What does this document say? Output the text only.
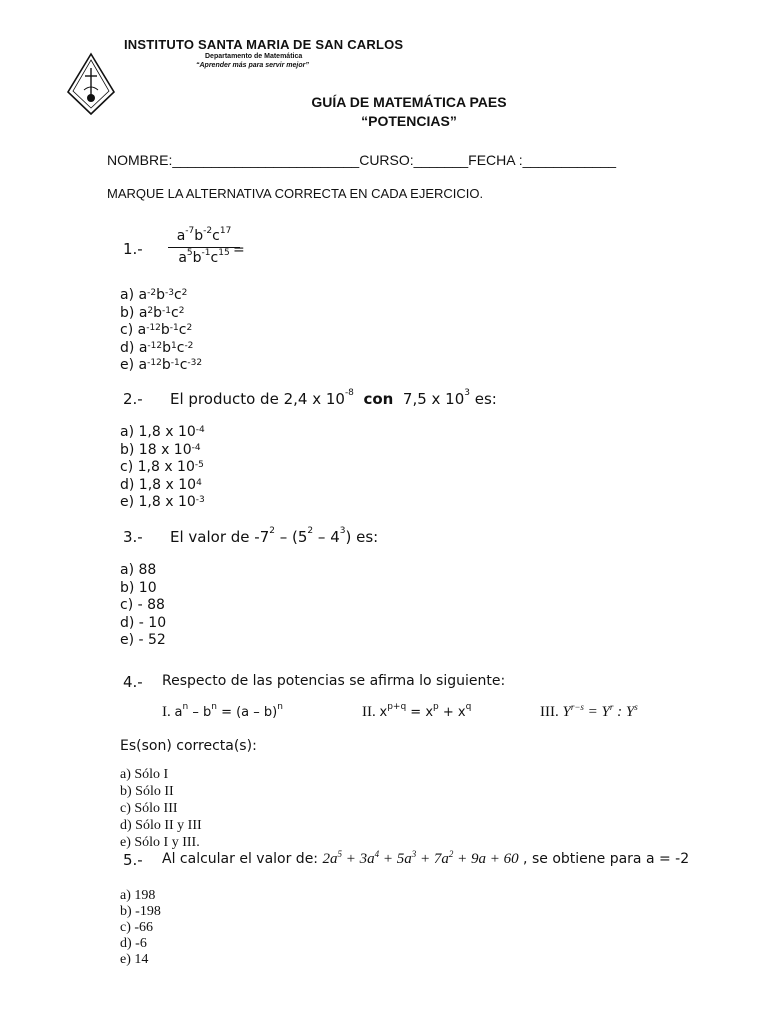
INSTITUTO SANTA MARIA DE SAN CARLOS
Departamento de Matemática
“Aprender más para servir mejor”
GUÍA DE MATEMÁTICA PAES
“POTENCIAS”
NOMBRE:________________________CURSO:_______FECHA :____________
MARQUE LA ALTERNATIVA CORRECTA EN CADA EJERCICIO.
1.-
$a^{-7}b^{-2}c^{17}$
$a^5b^{-1}c^{15}$ =
a) $a^{-2}b^{-3}c^2$
b) $a^2b^{-1}c^2$
c) $a^{-12}b^{-1}c^2$
d) $a^{-12}b^1c^{-2}$
e) $a^{-12}b^{-1}c^{-32}$
2.- El producto de 2,4 x $10^{-8}$ con 7,5 x $10^3$ es:
a) 1,8 x $10^{-4}$
b) 18 x $10^{-4}$
c) 1,8 x $10^{-5}$
d) 1,8 x $10^4$
e) 1,8 x $10^{-3}$
3.- El valor de $-7^2 - (5^2 - 4^3)$ es:
a) 88
b) 10
c) - 88
d) - 10
e) - 52
4.- Respecto de las potencias se afirma lo siguiente:
I. $a^n - b^n = (a - b)^n$	II. $x^{p+q} = x^p + x^q$	III. $Y^{r-s} = Y^r$ : $Y^s$
Es(son) correcta(s):
a) Sólo I
b) Sólo II
c) Sólo III
d) Sólo II y III
e) Sólo I y III.
5.- Al calcular el valor de: $2a^5 + 3a^4 + 5a^3 + 7a^2 + 9a + 60$ , se obtiene para a = -2
a) 198
b) -198
c) -66
d) -6
e) 14
